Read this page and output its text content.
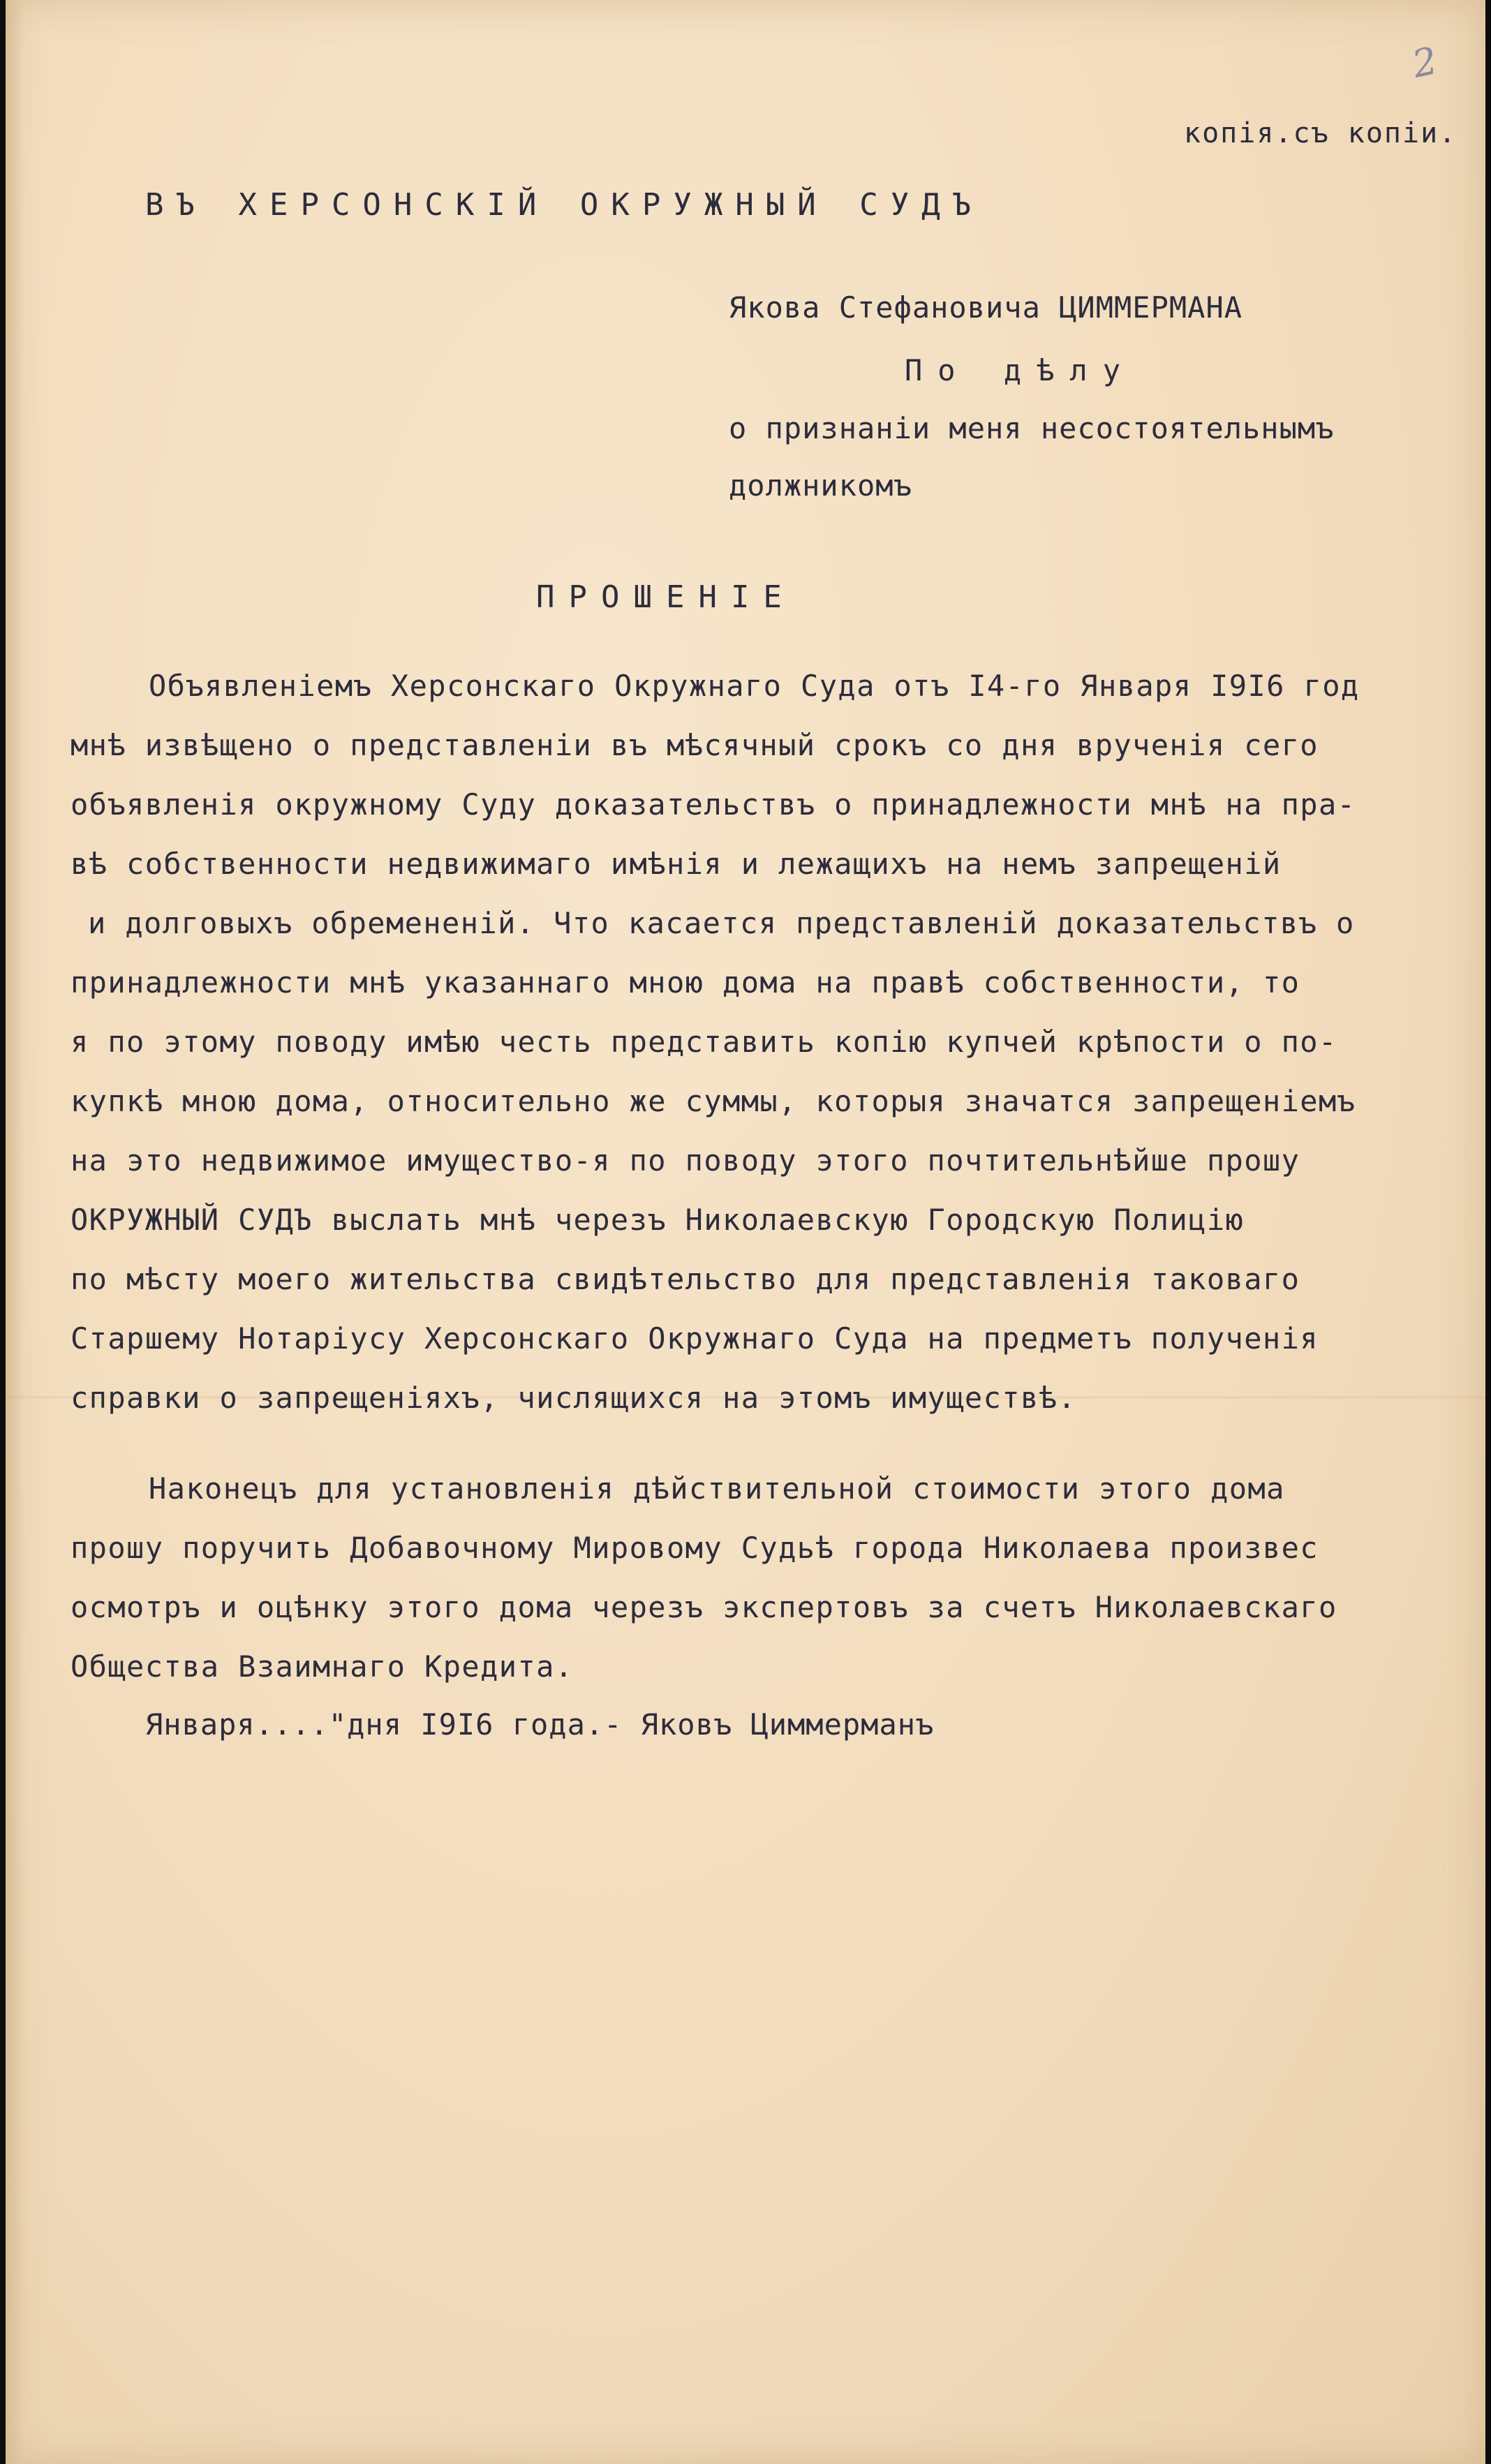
2
копія.съ копіи.
ВЪ ХЕРСОНСКІЙ ОКРУЖНЫЙ СУДЪ
Якова Стефановича ЦИММЕРМАНА
По дѣлу
о признаніи меня несостоятельнымъ
должникомъ
ПРОШЕНІЕ
Объявленіемъ Херсонскаго Окружнаго Суда отъ I4-го Января I9I6 год
мнѣ извѣщено о представленіи въ мѣсячный срокъ со дня врученія сего
объявленія окружному Суду доказательствъ о принадлежности мнѣ на пра-
вѣ собственности недвижимаго имѣнія и лежащихъ на немъ запрещеній
и долговыхъ обремененій. Что касается представленій доказательствъ о
принадлежности мнѣ указаннаго мною дома на правѣ собственности, то
я по этому поводу имѣю честь представить копію купчей крѣпости о по-
купкѣ мною дома, относительно же суммы, которыя значатся запрещеніемъ
на это недвижимое имущество-я по поводу этого почтительнѣйше прошу
ОКРУЖНЫЙ СУДЪ выслать мнѣ черезъ Николаевскую Городскую Полицію
по мѣсту моего жительства свидѣтельство для представленія таковаго
Старшему Нотаріусу Херсонскаго Окружнаго Суда на предметъ полученія
справки о запрещеніяхъ, числящихся на этомъ имуществѣ.
Наконецъ для установленія дѣйствительной стоимости этого дома
прошу поручить Добавочному Мировому Судьѣ города Николаева произвес
осмотръ и оцѣнку этого дома черезъ экспертовъ за счетъ Николаевскаго
Общества Взаимнаго Кредита.
Января...."дня I9I6 года.- Яковъ Циммерманъ
